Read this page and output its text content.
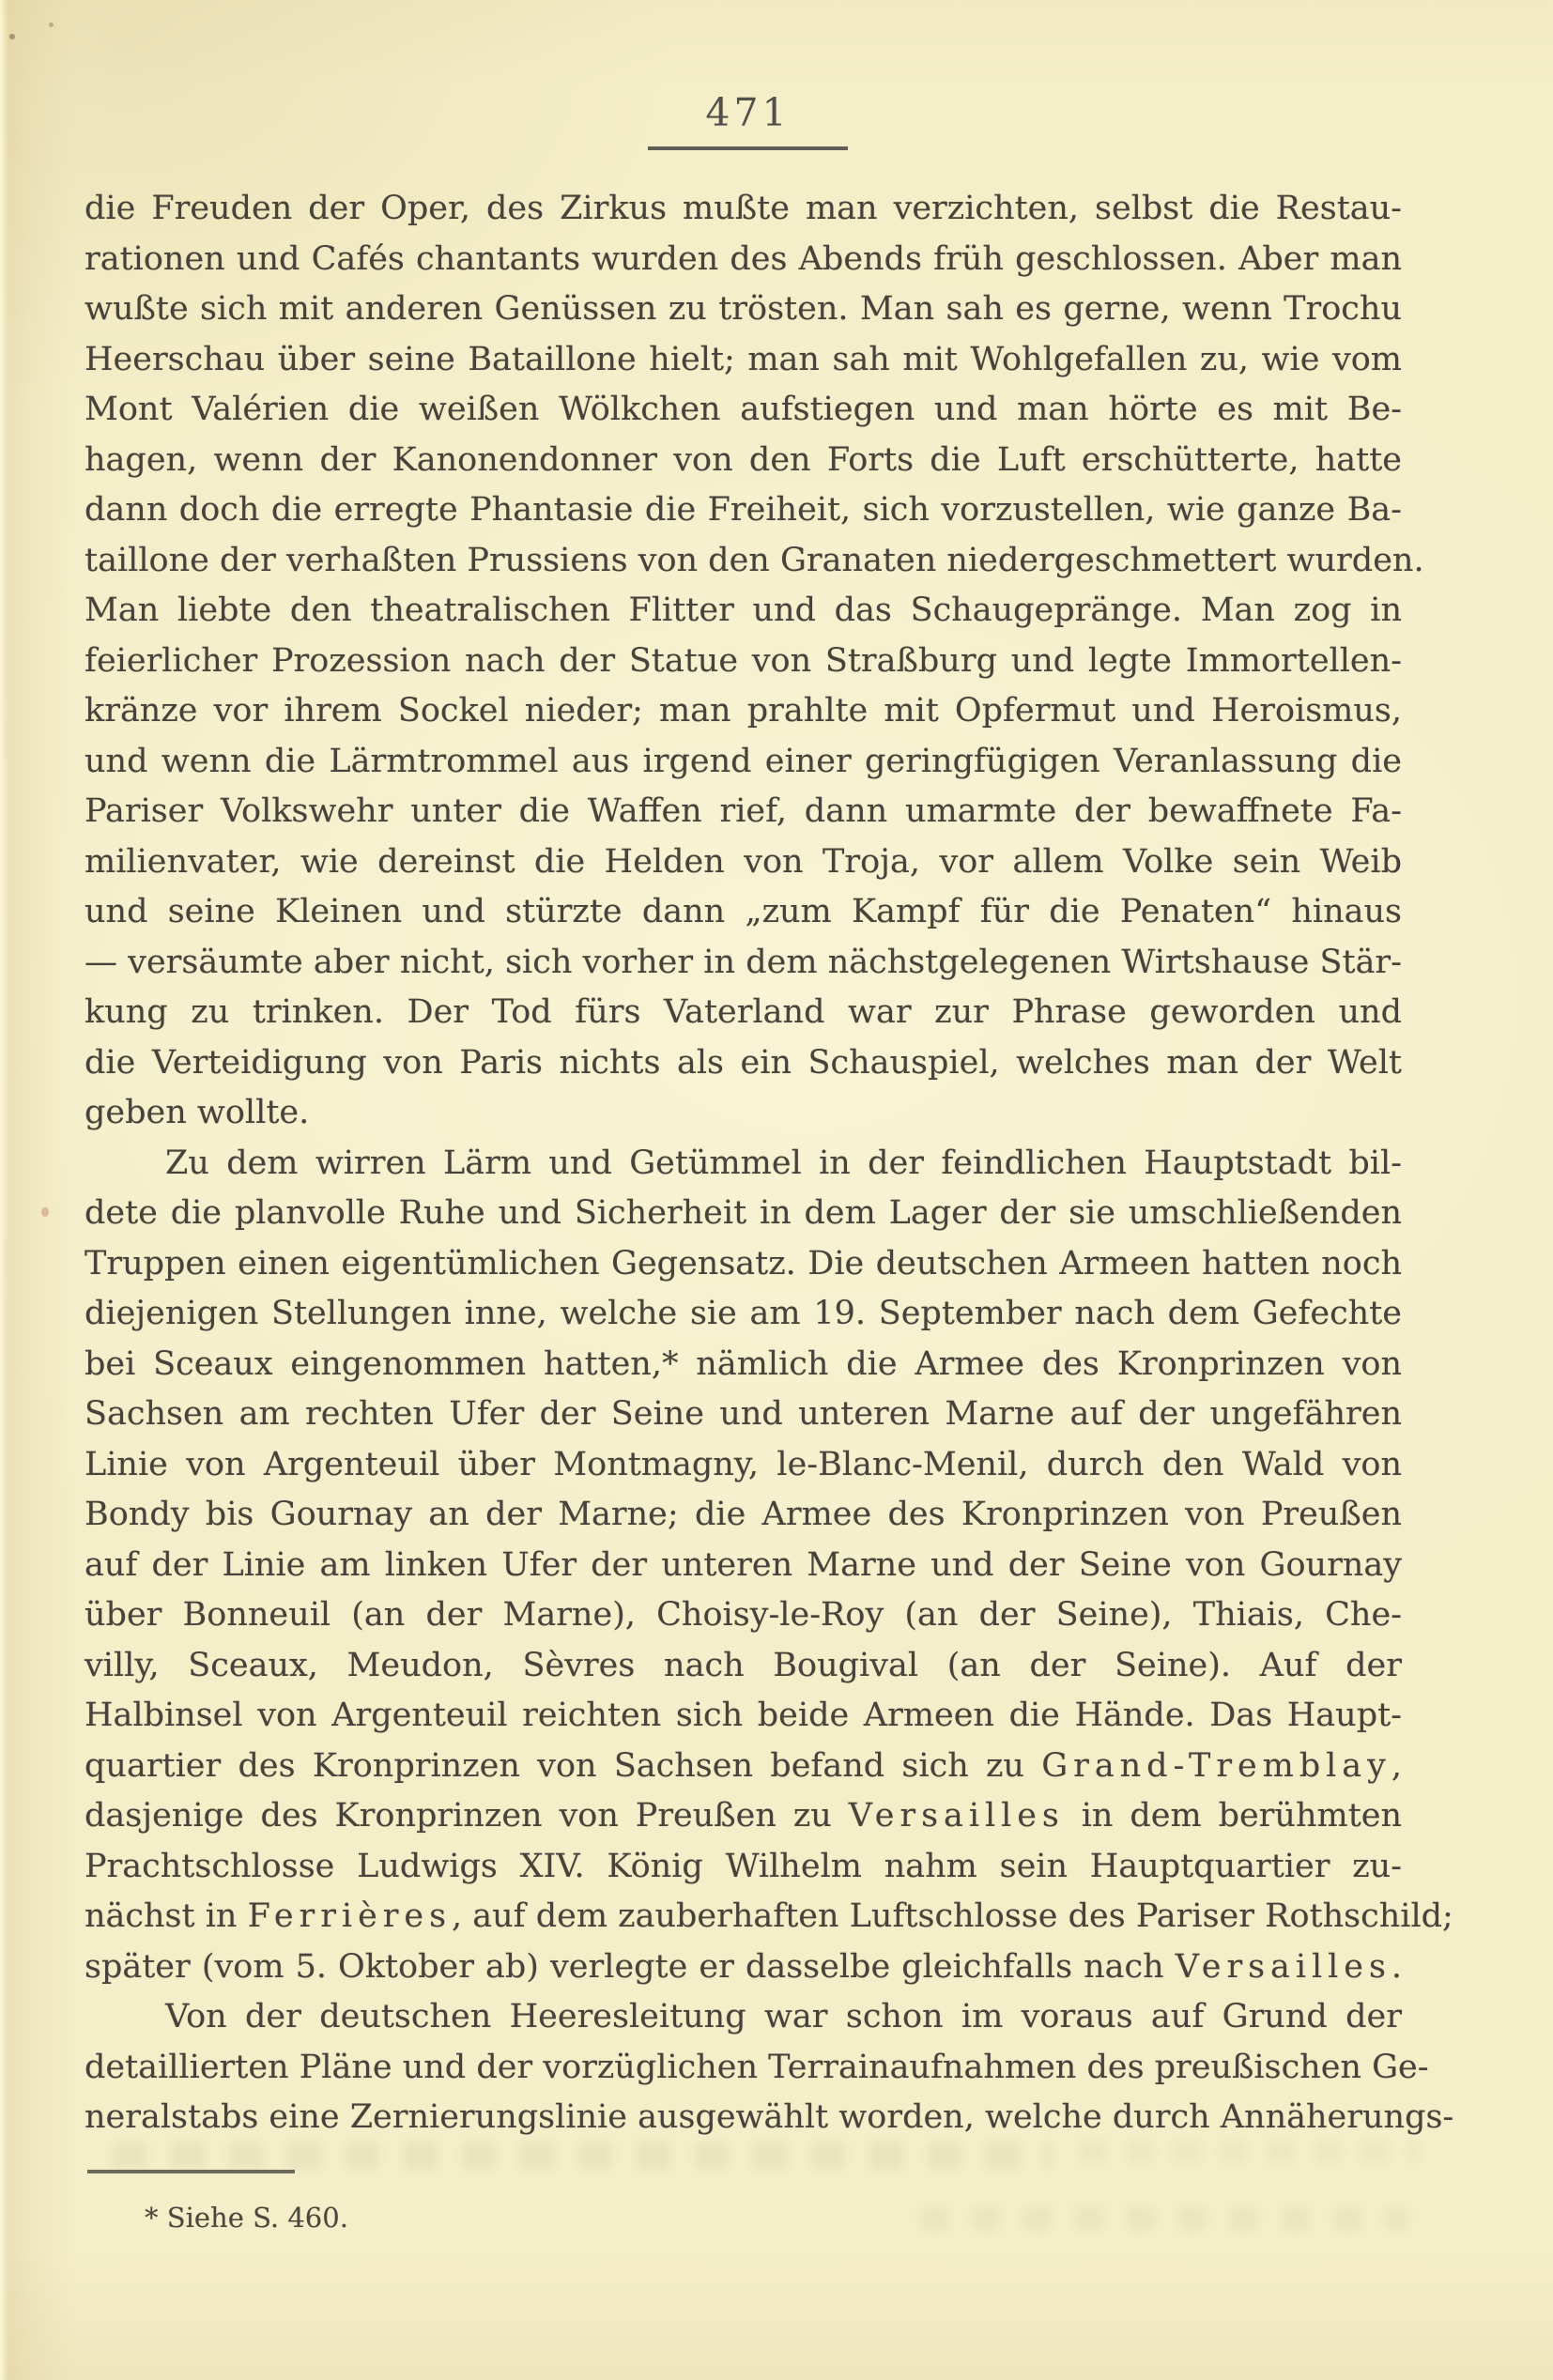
471
die Freuden der Oper, des Zirkus mußte man verzichten, selbst die Restau-
rationen und Cafés chantants wurden des Abends früh geschlossen. Aber man
wußte sich mit anderen Genüssen zu trösten. Man sah es gerne, wenn Trochu
Heerschau über seine Bataillone hielt; man sah mit Wohlgefallen zu, wie vom
Mont Valérien die weißen Wölkchen aufstiegen und man hörte es mit Be-
hagen, wenn der Kanonendonner von den Forts die Luft erschütterte, hatte
dann doch die erregte Phantasie die Freiheit, sich vorzustellen, wie ganze Ba-
taillone der verhaßten Prussiens von den Granaten niedergeschmettert wurden.
Man liebte den theatralischen Flitter und das Schaugepränge. Man zog in
feierlicher Prozession nach der Statue von Straßburg und legte Immortellen-
kränze vor ihrem Sockel nieder; man prahlte mit Opfermut und Heroismus,
und wenn die Lärmtrommel aus irgend einer geringfügigen Veranlassung die
Pariser Volkswehr unter die Waffen rief, dann umarmte der bewaffnete Fa-
milienvater, wie dereinst die Helden von Troja, vor allem Volke sein Weib
und seine Kleinen und stürzte dann „zum Kampf für die Penaten“ hinaus
— versäumte aber nicht, sich vorher in dem nächstgelegenen Wirtshause Stär-
kung zu trinken. Der Tod fürs Vaterland war zur Phrase geworden und
die Verteidigung von Paris nichts als ein Schauspiel, welches man der Welt
geben wollte.
Zu dem wirren Lärm und Getümmel in der feindlichen Hauptstadt bil-
dete die planvolle Ruhe und Sicherheit in dem Lager der sie umschließenden
Truppen einen eigentümlichen Gegensatz. Die deutschen Armeen hatten noch
diejenigen Stellungen inne, welche sie am 19. September nach dem Gefechte
bei Sceaux eingenommen hatten,* nämlich die Armee des Kronprinzen von
Sachsen am rechten Ufer der Seine und unteren Marne auf der ungefähren
Linie von Argenteuil über Montmagny, le-Blanc-Menil, durch den Wald von
Bondy bis Gournay an der Marne; die Armee des Kronprinzen von Preußen
auf der Linie am linken Ufer der unteren Marne und der Seine von Gournay
über Bonneuil (an der Marne), Choisy-le-Roy (an der Seine), Thiais, Che-
villy, Sceaux, Meudon, Sèvres nach Bougival (an der Seine). Auf der
Halbinsel von Argenteuil reichten sich beide Armeen die Hände. Das Haupt-
quartier des Kronprinzen von Sachsen befand sich zu Grand-Tremblay,
dasjenige des Kronprinzen von Preußen zu Versailles in dem berühmten
Prachtschlosse Ludwigs XIV. König Wilhelm nahm sein Hauptquartier zu-
nächst in Ferrières, auf dem zauberhaften Luftschlosse des Pariser Rothschild;
später (vom 5. Oktober ab) verlegte er dasselbe gleichfalls nach Versailles.
Von der deutschen Heeresleitung war schon im voraus auf Grund der
detaillierten Pläne und der vorzüglichen Terrainaufnahmen des preußischen Ge-
neralstabs eine Zernierungslinie ausgewählt worden, welche durch Annäherungs-
* Siehe S. 460.
